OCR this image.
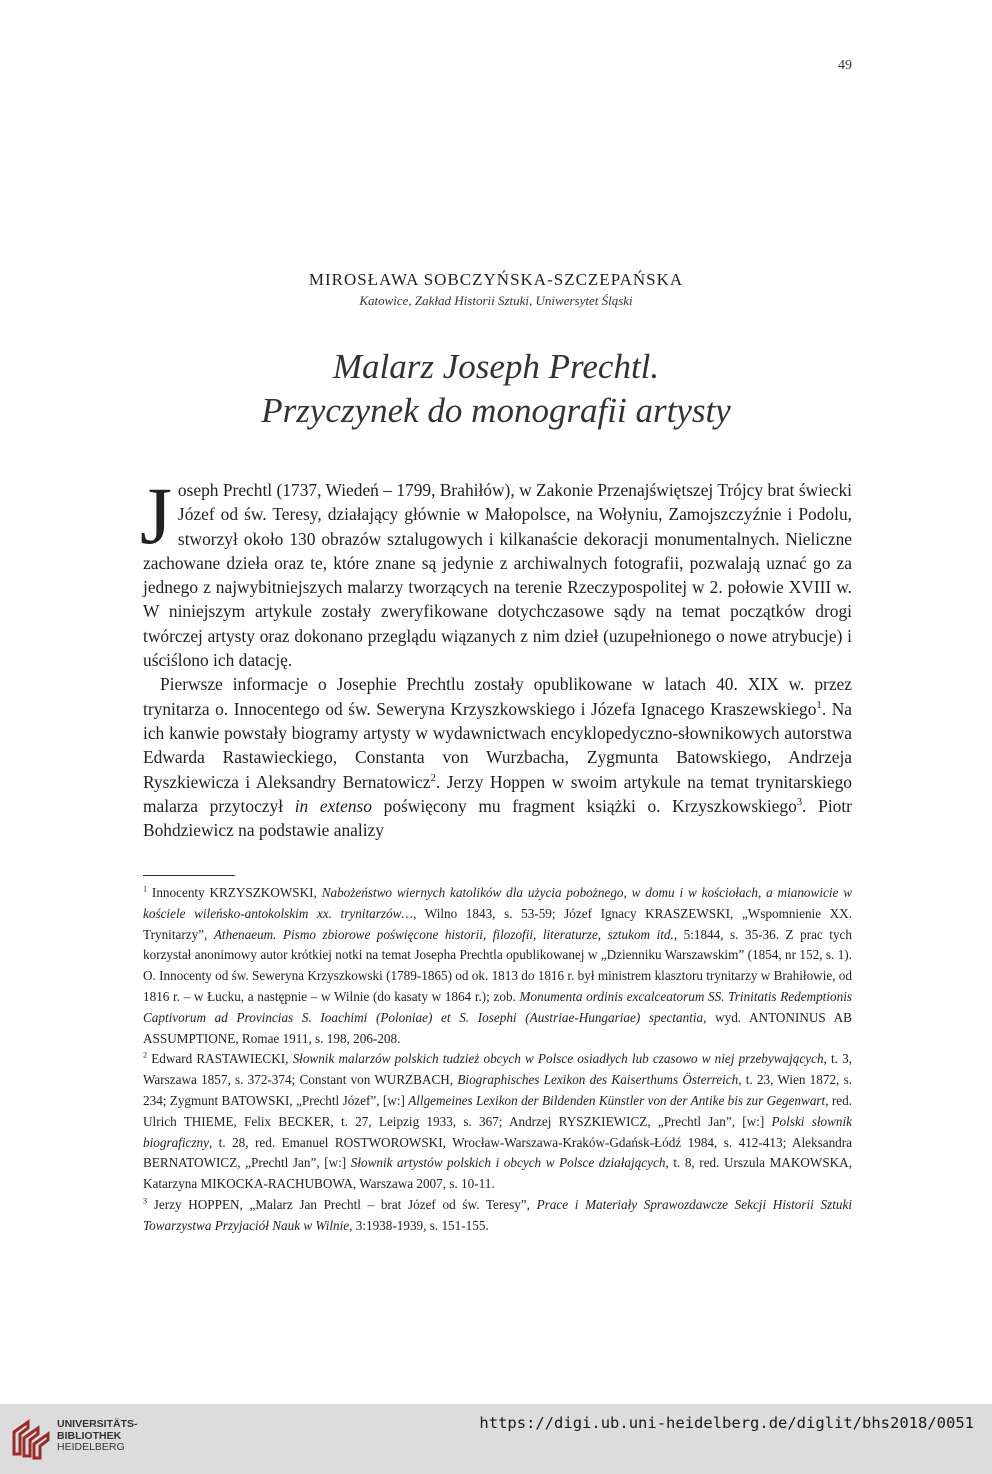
49
MIROSŁAWA SOBCZYŃSKA-SZCZEPAŃSKA
Katowice, Zakład Historii Sztuki, Uniwersytet Śląski
Malarz Joseph Prechtl.
Przyczynek do monografii artysty

Joseph Prechtl (1737, Wiedeń – 1799, Brahiłów), w Zakonie Przenajświętszej Trójcy brat świecki Józef od św. Teresy, działający głównie w Małopolsce, na Wołyniu, Zamojszczyźnie i Podolu, stworzył około 130 obrazów sztalugowych i kilkanaście dekoracji monumentalnych. Nieliczne zachowane dzieła oraz te, które znane są jedynie z archiwalnych fotografii, pozwalają uznać go za jednego z najwybitniejszych malarzy tworzących na terenie Rzeczypospolitej w 2. połowie XVIII w. W niniejszym artykule zostały zweryfikowane dotychczasowe sądy na temat początków drogi twórczej artysty oraz dokonano przeglądu wiązanych z nim dzieł (uzupełnionego o nowe atrybucje) i uściślono ich datację.

Pierwsze informacje o Josephie Prechtlu zostały opublikowane w latach 40. XIX w. przez trynitarza o. Innocentego od św. Seweryna Krzyszkowskiego i Józefa Ignacego Kraszewskiego$^1$. Na ich kanwie powstały biogramy artysty w wydawnictwach encyklopedyczno-słownikowych autorstwa Edwarda Rastawieckiego, Constanta von Wurzbacha, Zygmunta Batowskiego, Andrzeja Ryszkiewicza i Aleksandry Bernatowicz$^2$. Jerzy Hoppen w swoim artykule na temat trynitarskiego malarza przytoczył in extenso poświęcony mu fragment książki o. Krzyszkowskiego$^3$. Piotr Bohdziewicz na podstawie analizy

$^1$ Innocenty KRZYSZKOWSKI, Nabożeństwo wiernych katolików dla użycia pobożnego, w domu i w kościołach, a mianowicie w kościele wileńsko-antokolskim xx. trynitarzów…, Wilno 1843, s. 53-59; Józef Ignacy KRASZEWSKI, „Wspomnienie XX. Trynitarzy”, Athenaeum. Pismo zbiorowe poświęcone historii, filozofii, literaturze, sztukom itd., 5:1844, s. 35-36. Z prac tych korzystał anonimowy autor krótkiej notki na temat Josepha Prechtla opublikowanej w „Dzienniku Warszawskim” (1854, nr 152, s. 1). O. Innocenty od św. Seweryna Krzyszkowski (1789-1865) od ok. 1813 do 1816 r. był ministrem klasztoru trynitarzy w Brahiłowie, od 1816 r. – w Łucku, a następnie – w Wilnie (do kasaty w 1864 r.); zob. Monumenta ordinis excalceatorum SS. Trinitatis Redemptionis Captivorum ad Provincias S. Ioachimi (Poloniae) et S. Iosephi (Austriae-Hungariae) spectantia, wyd. ANTONINUS AB ASSUMPTIONE, Romae 1911, s. 198, 206-208.

$^2$ Edward RASTAWIECKI, Słownik malarzów polskich tudzież obcych w Polsce osiadłych lub czasowo w niej przebywających, t. 3, Warszawa 1857, s. 372-374; Constant von WURZBACH, Biographisches Lexikon des Kaiserthums Österreich, t. 23, Wien 1872, s. 234; Zygmunt BATOWSKI, „Prechtl Józef”, [w:] Allgemeines Lexikon der Bildenden Künstler von der Antike bis zur Gegenwart, red. Ulrich THIEME, Felix BECKER, t. 27, Leipzig 1933, s. 367; Andrzej RYSZKIEWICZ, „Prechtl Jan”, [w:] Polski słownik biograficzny, t. 28, red. Emanuel ROSTWOROWSKI, Wrocław-Warszawa-Kraków-Gdańsk-Łódź 1984, s. 412-413; Aleksandra BERNATOWICZ, „Prechtl Jan”, [w:] Słownik artystów polskich i obcych w Polsce działających, t. 8, red. Urszula MAKOWSKA, Katarzyna MIKOCKA-RACHUBOWA, Warszawa 2007, s. 10-11.

$^3$ Jerzy HOPPEN, „Malarz Jan Prechtl – brat Józef od św. Teresy”, Prace i Materiały Sprawozdawcze Sekcji Historii Sztuki Towarzystwa Przyjaciół Nauk w Wilnie, 3:1938-1939, s. 151-155.

UNIVERSITÄTS-
BIBLIOTHEK
HEIDELBERG
https://digi.ub.uni-heidelberg.de/diglit/bhs2018/0051
